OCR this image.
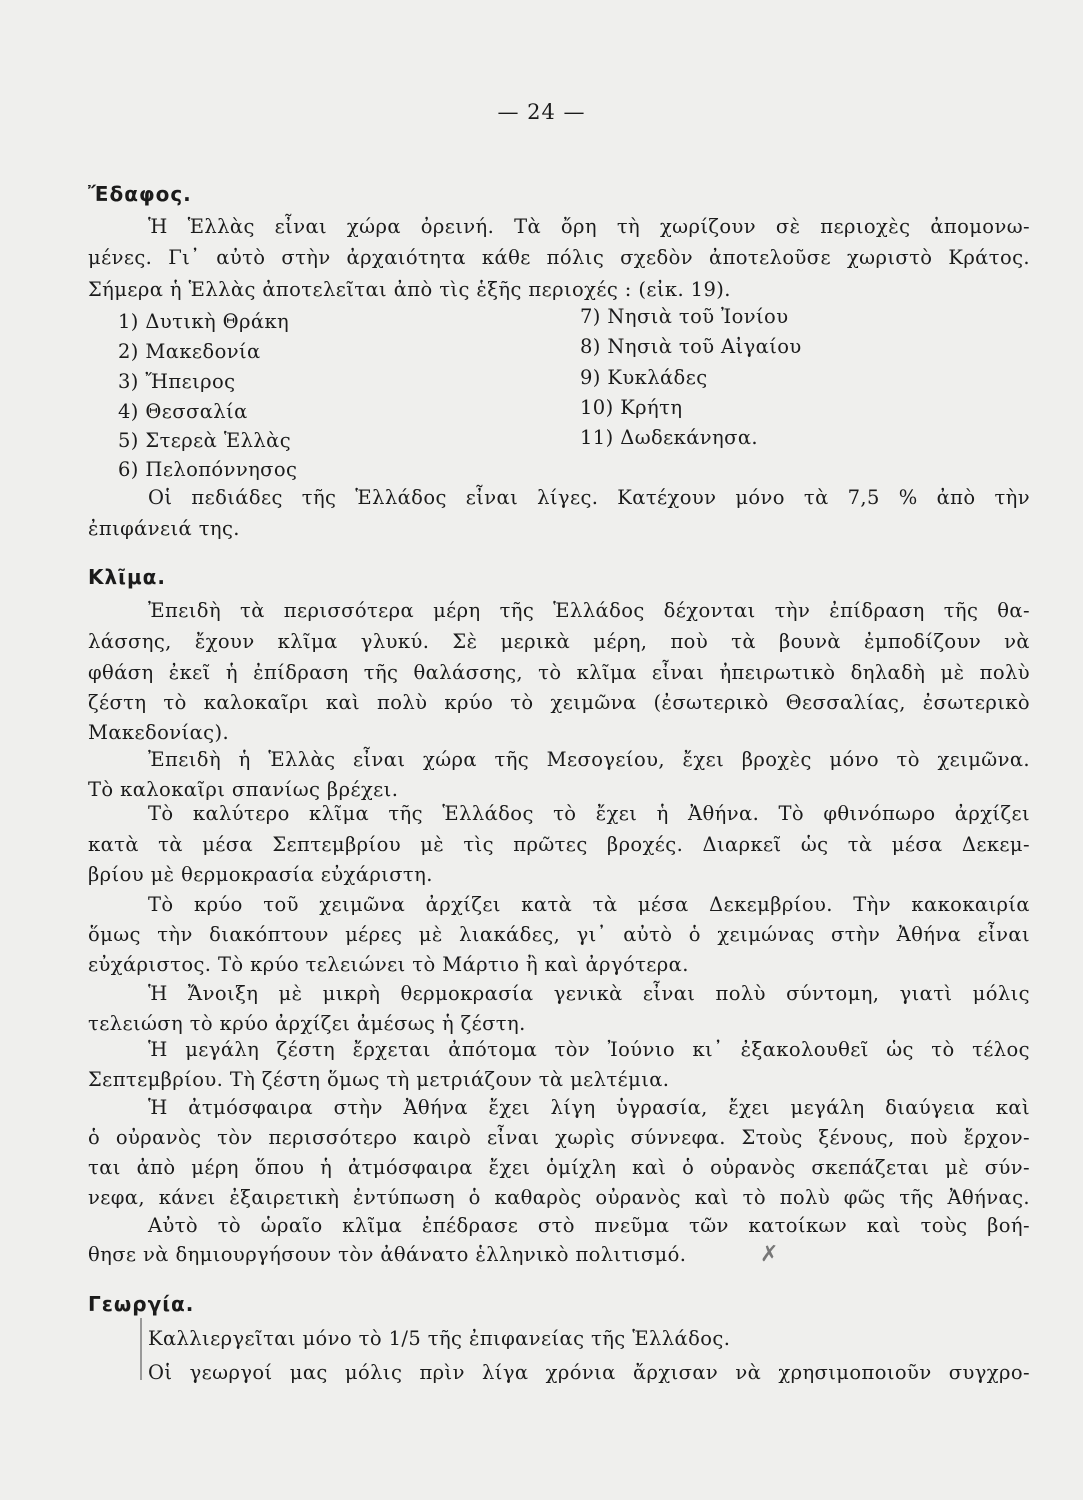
— 24 —
Ἔδαφος.
Ἡ Ἑλλὰς εἶναι χώρα ὀρεινή. Τὰ ὄρη τὴ χωρίζουν σὲ περιοχὲς ἀπομονω-
μένες. Γι᾿ αὐτὸ στὴν ἀρχαιότητα κάθε πόλις σχεδὸν ἀποτελοῦσε χωριστὸ Κράτος.
Σήμερα ἡ Ἑλλὰς ἀποτελεῖται ἀπὸ τὶς ἑξῆς περιοχές : (εἰκ. 19).
1) Δυτικὴ Θράκη
2) Μακεδονία
3) Ἤπειρος
4) Θεσσαλία
5) Στερεὰ Ἑλλὰς
6) Πελοπόννησος
7) Νησιὰ τοῦ Ἰονίου
8) Νησιὰ τοῦ Αἰγαίου
9) Κυκλάδες
10) Κρήτη
11) Δωδεκάνησα.
Οἱ πεδιάδες τῆς Ἑλλάδος εἶναι λίγες. Κατέχουν μόνο τὰ 7,5 % ἀπὸ τὴν
ἐπιφάνειά της.
Κλῖμα.
Ἐπειδὴ τὰ περισσότερα μέρη τῆς Ἑλλάδος δέχονται τὴν ἐπίδραση τῆς θα-
λάσσης, ἔχουν κλῖμα γλυκύ. Σὲ μερικὰ μέρη, ποὺ τὰ βουνὰ ἐμποδίζουν νὰ
φθάση ἐκεῖ ἡ ἐπίδραση τῆς θαλάσσης, τὸ κλῖμα εἶναι ἠπειρωτικὸ δηλαδὴ μὲ πολὺ
ζέστη τὸ καλοκαῖρι καὶ πολὺ κρύο τὸ χειμῶνα (ἐσωτερικὸ Θεσσαλίας, ἐσωτερικὸ
Μακεδονίας).
Ἐπειδὴ ἡ Ἑλλὰς εἶναι χώρα τῆς Μεσογείου, ἔχει βροχὲς μόνο τὸ χειμῶνα.
Τὸ καλοκαῖρι σπανίως βρέχει.
Τὸ καλύτερο κλῖμα τῆς Ἑλλάδος τὸ ἔχει ἡ Ἀθήνα. Τὸ φθινόπωρο ἀρχίζει
κατὰ τὰ μέσα Σεπτεμβρίου μὲ τὶς πρῶτες βροχές. Διαρκεῖ ὡς τὰ μέσα Δεκεμ-
βρίου μὲ θερμοκρασία εὐχάριστη.
Τὸ κρύο τοῦ χειμῶνα ἀρχίζει κατὰ τὰ μέσα Δεκεμβρίου. Τὴν κακοκαιρία
ὅμως τὴν διακόπτουν μέρες μὲ λιακάδες, γι᾿ αὐτὸ ὁ χειμώνας στὴν Ἀθήνα εἶναι
εὐχάριστος. Τὸ κρύο τελειώνει τὸ Μάρτιο ἢ καὶ ἀργότερα.
Ἡ Ἄνοιξη μὲ μικρὴ θερμοκρασία γενικὰ εἶναι πολὺ σύντομη, γιατὶ μόλις
τελειώση τὸ κρύο ἀρχίζει ἀμέσως ἡ ζέστη.
Ἡ μεγάλη ζέστη ἔρχεται ἀπότομα τὸν Ἰούνιο κι᾿ ἐξακολουθεῖ ὡς τὸ τέλος
Σεπτεμβρίου. Τὴ ζέστη ὅμως τὴ μετριάζουν τὰ μελτέμια.
Ἡ ἀτμόσφαιρα στὴν Ἀθήνα ἔχει λίγη ὑγρασία, ἔχει μεγάλη διαύγεια καὶ
ὁ οὐρανὸς τὸν περισσότερο καιρὸ εἶναι χωρὶς σύννεφα. Στοὺς ξένους, ποὺ ἔρχον-
ται ἀπὸ μέρη ὅπου ἡ ἀτμόσφαιρα ἔχει ὁμίχλη καὶ ὁ οὐρανὸς σκεπάζεται μὲ σύν-
νεφα, κάνει ἐξαιρετικὴ ἐντύπωση ὁ καθαρὸς οὐρανὸς καὶ τὸ πολὺ φῶς τῆς Ἀθήνας.
Αὐτὸ τὸ ὡραῖο κλῖμα ἐπέδρασε στὸ πνεῦμα τῶν κατοίκων καὶ τοὺς βοή-
θησε νὰ δημιουργήσουν τὸν ἀθάνατο ἑλληνικὸ πολιτισμό.	✗
Γεωργία.
Καλλιεργεῖται μόνο τὸ 1/5 τῆς ἐπιφανείας τῆς Ἑλλάδος.
Οἱ γεωργοί μας μόλις πρὶν λίγα χρόνια ἄρχισαν νὰ χρησιμοποιοῦν συγχρο-
